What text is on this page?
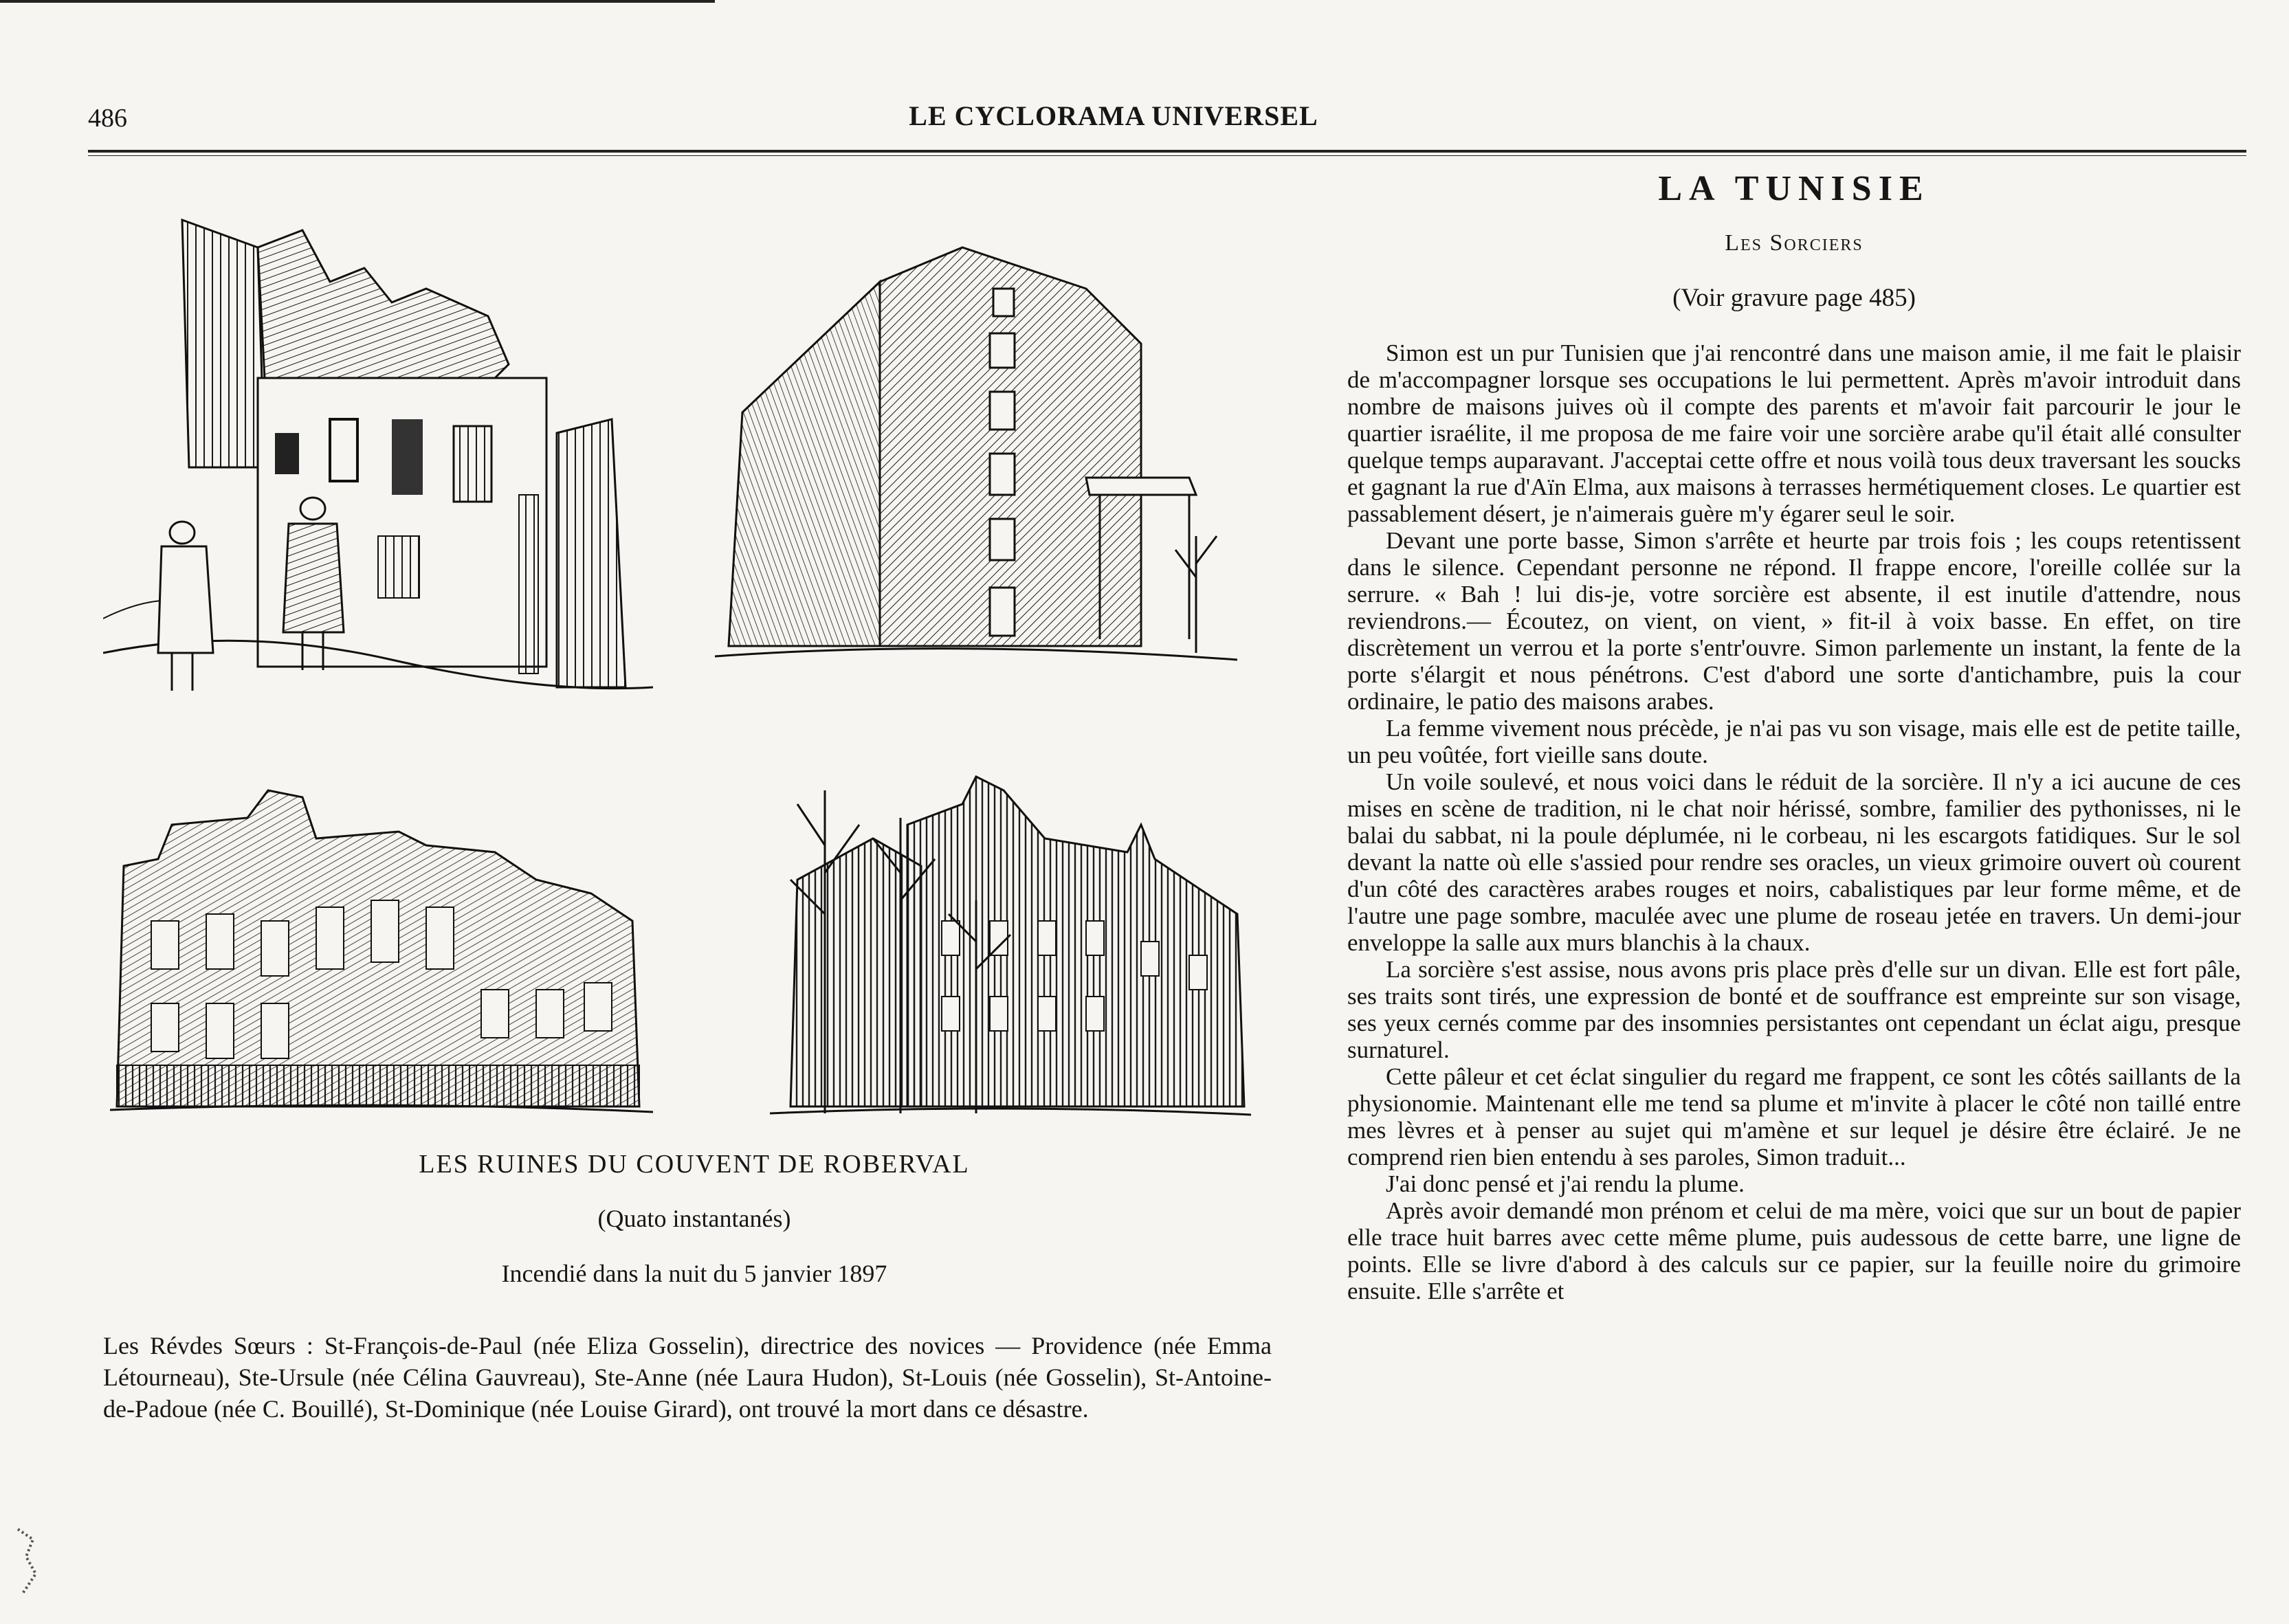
486	LE CYCLORAMA UNIVERSEL
LES RUINES DU COUVENT DE ROBERVAL
(Quato instantanés)
Incendié dans la nuit du 5 janvier 1897
Les Révdes Sœurs : St-François-de-Paul (née Eliza Gosselin), directrice des novices — Providence (née Emma Létourneau), Ste-Ursule (née Célina Gauvreau), Ste-Anne (née Laura Hudon), St-Louis (née Gosselin), St-Antoine-de-Padoue (née C. Bouillé), St-Dominique (née Louise Girard), ont trouvé la mort dans ce désastre.
LA TUNISIE
Les Sorciers
(Voir gravure page 485)

Simon est un pur Tunisien que j'ai rencontré dans une maison amie, il me fait le plaisir de m'accompagner lorsque ses occupations le lui permettent. Après m'avoir introduit dans nombre de maisons juives où il compte des parents et m'avoir fait parcourir le jour le quartier israélite, il me proposa de me faire voir une sorcière arabe qu'il était allé consulter quelque temps auparavant. J'acceptai cette offre et nous voilà tous deux traversant les soucks et gagnant la rue d'Aïn Elma, aux maisons à terrasses hermétiquement closes. Le quartier est passablement désert, je n'aimerais guère m'y égarer seul le soir.

Devant une porte basse, Simon s'arrête et heurte par trois fois ; les coups retentissent dans le silence. Cependant personne ne répond. Il frappe encore, l'oreille collée sur la serrure. « Bah ! lui dis-je, votre sorcière est absente, il est inutile d'attendre, nous reviendrons.— Écoutez, on vient, on vient, » fit-il à voix basse. En effet, on tire discrètement un verrou et la porte s'entr'ouvre. Simon parlemente un instant, la fente de la porte s'élargit et nous pénétrons. C'est d'abord une sorte d'antichambre, puis la cour ordinaire, le patio des maisons arabes.

La femme vivement nous précède, je n'ai pas vu son visage, mais elle est de petite taille, un peu voûtée, fort vieille sans doute.

Un voile soulevé, et nous voici dans le réduit de la sorcière. Il n'y a ici aucune de ces mises en scène de tradition, ni le chat noir hérissé, sombre, familier des pythonisses, ni le balai du sabbat, ni la poule déplumée, ni le corbeau, ni les escargots fatidiques. Sur le sol devant la natte où elle s'assied pour rendre ses oracles, un vieux grimoire ouvert où courent d'un côté des caractères arabes rouges et noirs, cabalistiques par leur forme même, et de l'autre une page sombre, maculée avec une plume de roseau jetée en travers. Un demi-jour enveloppe la salle aux murs blanchis à la chaux.

La sorcière s'est assise, nous avons pris place près d'elle sur un divan. Elle est fort pâle, ses traits sont tirés, une expression de bonté et de souffrance est empreinte sur son visage, ses yeux cernés comme par des insomnies persistantes ont cependant un éclat aigu, presque surnaturel.

Cette pâleur et cet éclat singulier du regard me frappent, ce sont les côtés saillants de la physionomie. Maintenant elle me tend sa plume et m'invite à placer le côté non taillé entre mes lèvres et à penser au sujet qui m'amène et sur lequel je désire être éclairé. Je ne comprend rien bien entendu à ses paroles, Simon traduit...

J'ai donc pensé et j'ai rendu la plume.

Après avoir demandé mon prénom et celui de ma mère, voici que sur un bout de papier elle trace huit barres avec cette même plume, puis audessous de cette barre, une ligne de points. Elle se livre d'abord à des calculs sur ce papier, sur la feuille noire du grimoire ensuite. Elle s'arrête et
